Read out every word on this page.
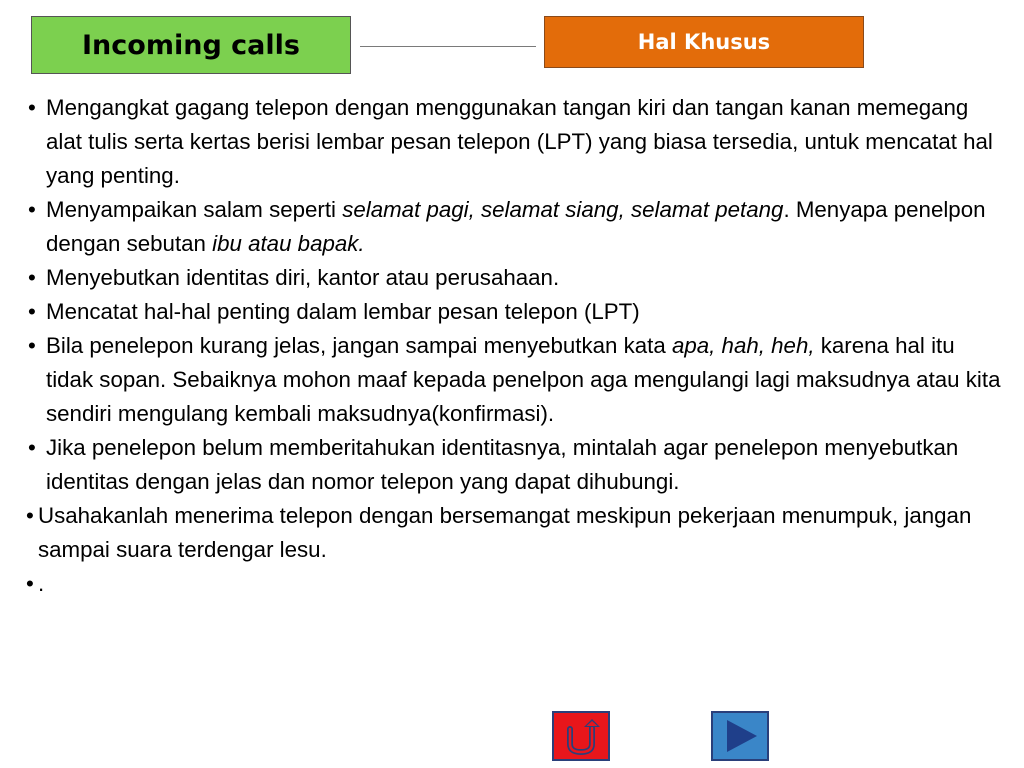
Incoming calls	Hal Khusus
• Mengangkat gagang telepon dengan menggunakan tangan kiri dan tangan kanan memegang alat tulis serta kertas berisi lembar pesan telepon (LPT) yang biasa tersedia, untuk mencatat hal yang penting.
• Menyampaikan salam seperti selamat pagi, selamat siang, selamat petang. Menyapa penelpon dengan sebutan ibu atau bapak.
• Menyebutkan identitas diri, kantor atau perusahaan.
• Mencatat hal-hal penting dalam lembar pesan telepon (LPT)
• Bila penelepon kurang jelas, jangan sampai menyebutkan kata apa, hah, heh, karena hal itu tidak sopan. Sebaiknya mohon maaf kepada penelpon aga mengulangi lagi maksudnya atau kita sendiri mengulang kembali maksudnya(konfirmasi).
• Jika penelepon belum memberitahukan identitasnya, mintalah agar penelepon menyebutkan identitas dengan jelas dan nomor telepon yang dapat dihubungi.
• Usahakanlah menerima telepon dengan bersemangat meskipun pekerjaan menumpuk, jangan sampai suara terdengar lesu.
• .
